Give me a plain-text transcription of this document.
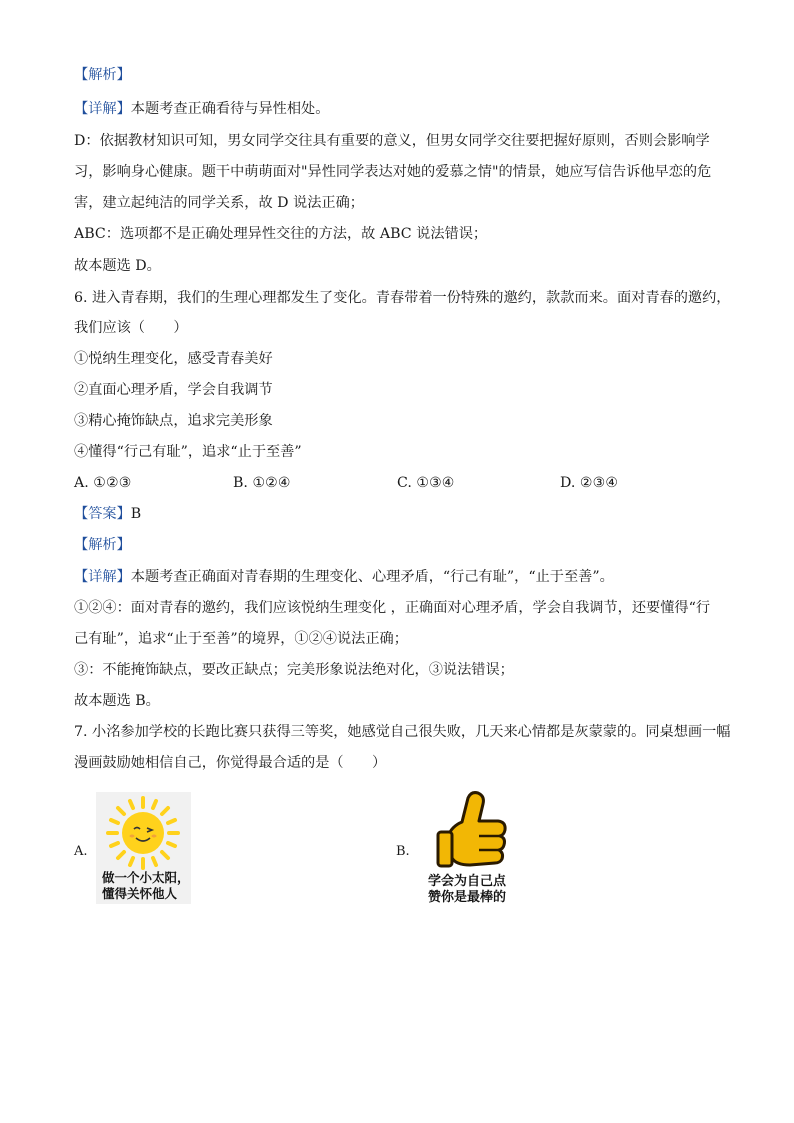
【解析】
【详解】本题考查正确看待与异性相处。
D：依据教材知识可知，男女同学交往具有重要的意义，但男女同学交往要把握好原则，否则会影响学
习，影响身心健康。题干中萌萌面对"异性同学表达对她的爱慕之情"的情景，她应写信告诉他早恋的危
害，建立起纯洁的同学关系，故 D 说法正确；
ABC：选项都不是正确处理异性交往的方法，故 ABC 说法错误；
故本题选 D。
6. 进入青春期，我们的生理心理都发生了变化。青春带着一份特殊的邀约，款款而来。面对青春的邀约，
我们应该（　　）
①悦纳生理变化，感受青春美好
②直面心理矛盾，学会自我调节
③精心掩饰缺点，追求完美形象
④懂得“行己有耻”，追求“止于至善”
A. ①②③	B. ①②④	C. ①③④	D. ②③④
【答案】B
【解析】
【详解】本题考查正确面对青春期的生理变化、心理矛盾，“行己有耻”，“止于至善”。
①②④：面对青春的邀约，我们应该悦纳生理变化 ，正确面对心理矛盾，学会自我调节，还要懂得“行
己有耻”，追求“止于至善”的境界，①②④说法正确；
③：不能掩饰缺点，要改正缺点；完美形象说法绝对化，③说法错误；
故本题选 B。
7. 小洺参加学校的长跑比赛只获得三等奖，她感觉自己很失败，几天来心情都是灰蒙蒙的。同桌想画一幅
漫画鼓励她相信自己，你觉得最合适的是（　　）
A.
做一个小太阳，
懂得关怀他人
B.
学会为自己点
赞你是最棒的
